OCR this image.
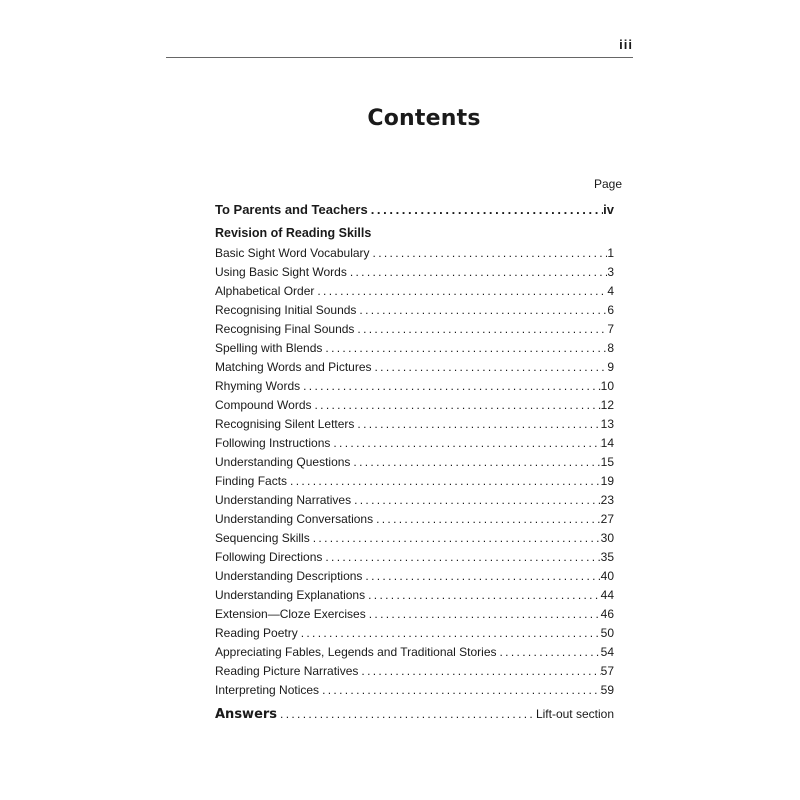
iii
Contents
Page
To Parents and Teachers . . .	iv
Revision of Reading Skills
Basic Sight Word Vocabulary . . .	1
Using Basic Sight Words . . .	3
Alphabetical Order . . .	4
Recognising Initial Sounds . . .	6
Recognising Final Sounds . . .	7
Spelling with Blends . . .	8
Matching Words and Pictures . . .	9
Rhyming Words . . .	10
Compound Words . . .	12
Recognising Silent Letters . . .	13
Following Instructions . . .	14
Understanding Questions . . .	15
Finding Facts . . .	19
Understanding Narratives . . .	23
Understanding Conversations . . .	27
Sequencing Skills . . .	30
Following Directions . . .	35
Understanding Descriptions . . .	40
Understanding Explanations . . .	44
Extension—Cloze Exercises . . .	46
Reading Poetry . . .	50
Appreciating Fables, Legends and Traditional Stories . . .	54
Reading Picture Narratives . . .	57
Interpreting Notices . . .	59
Answers . . .	Lift-out section
